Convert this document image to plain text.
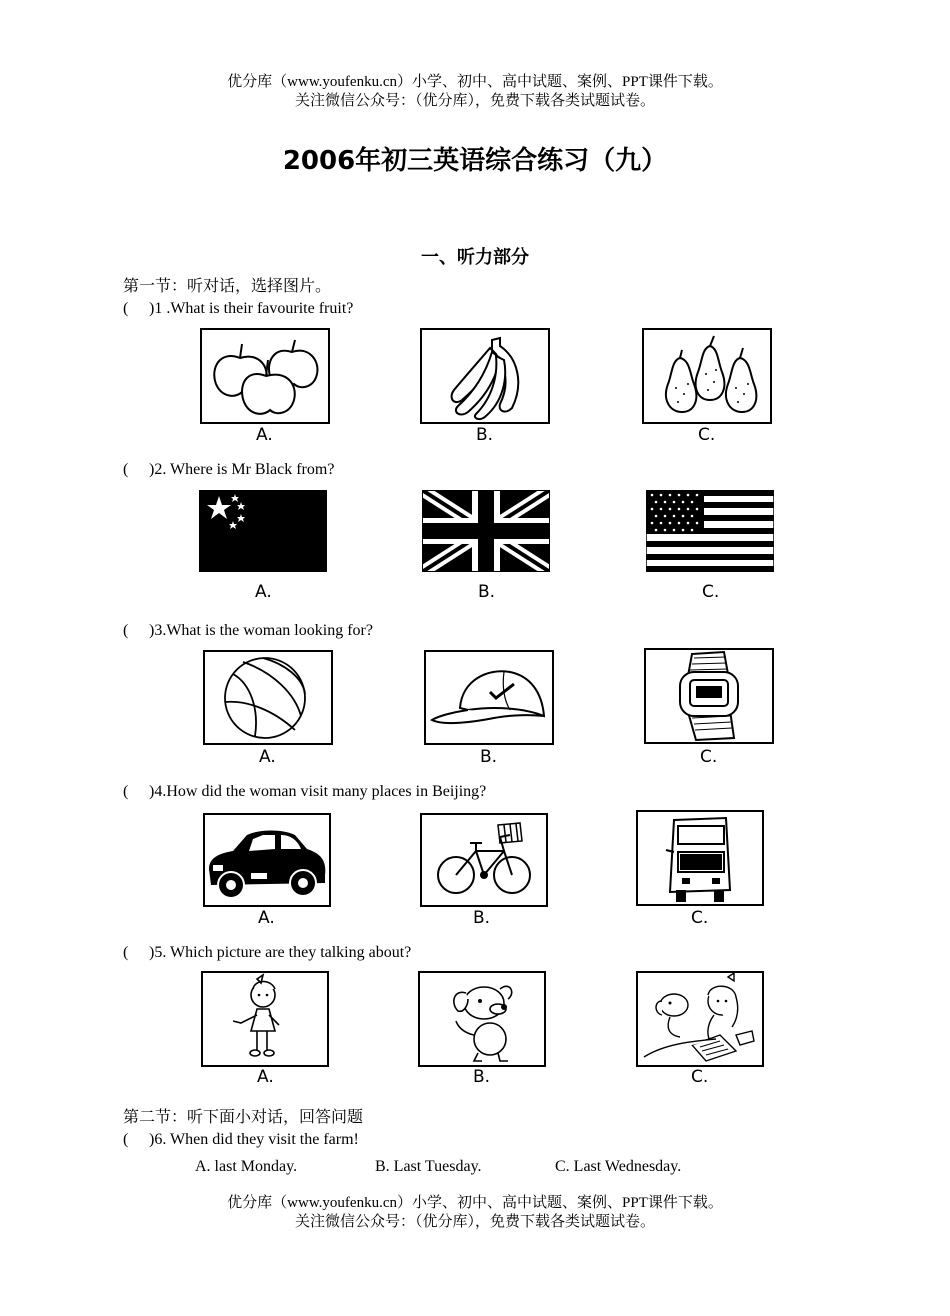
优分库（www.youfenku.cn）小学、初中、高中试题、案例、PPT课件下载。
关注微信公众号：（优分库），免费下载各类试题试卷。
2006年初三英语综合练习（九）
一、听力部分
第一节：听对话，选择图片。
( )1 .What is their favourite fruit?
A.	B.	C.
( )2. Where is Mr Black from?
A.	B.	C.
( )3.What is the woman looking for?
A.	B.	C.
( )4.How did the woman visit many places in Beijing?
A.	B.	C.
( )5. Which picture are they talking about?
A.	B.	C.
第二节：听下面小对话，回答问题
( )6. When did they visit the farm!
A. last Monday.	B. Last Tuesday.	C. Last Wednesday.
优分库（www.youfenku.cn）小学、初中、高中试题、案例、PPT课件下载。
关注微信公众号：（优分库），免费下载各类试题试卷。
